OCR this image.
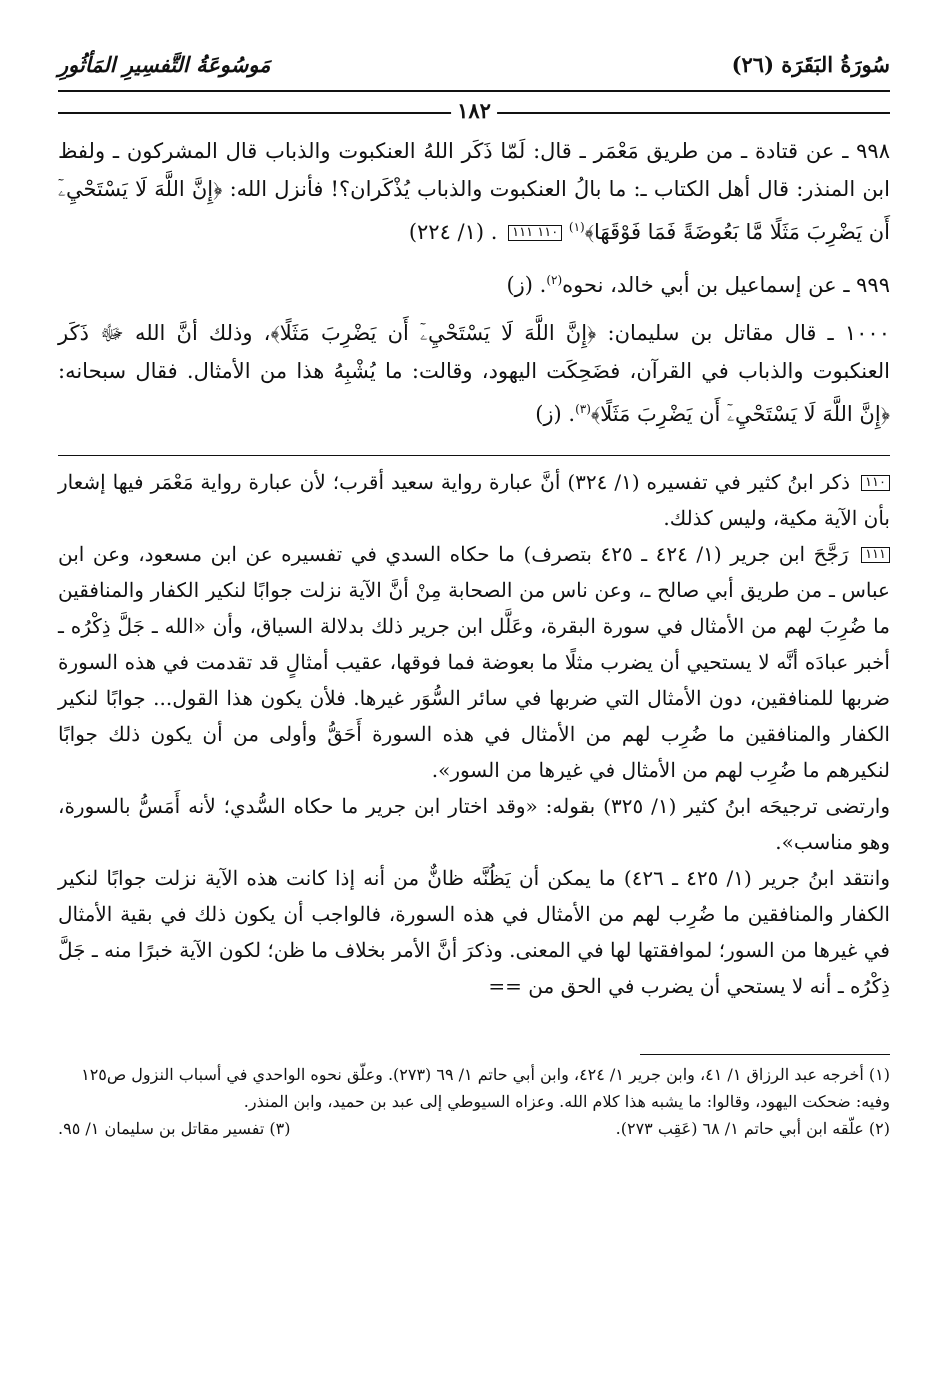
سُورَةُ البَقَرَة (٢٦)
مَوسُوعَةُ التَّفسِيرِ المَأثُورِ
١٨٢

٩٩٨ ـ عن قتادة ـ من طريق مَعْمَر ـ قال: لَمّا ذَكَر اللهُ العنكبوت والذباب قال المشركون ـ ولفظ ابن المنذر: قال أهل الكتاب ـ: ما بالُ العنكبوت والذباب يُذْكَران؟! فأنزل الله: ﴿إِنَّ اللَّهَ لَا يَسْتَحْيِۦٓ أَن يَضْرِبَ مَثَلًا مَّا بَعُوضَةً فَمَا فَوْقَهَا﴾$^{(١)}$ ١١٠ ١١١ . (١/ ٢٢٤)

٩٩٩ ـ عن إسماعيل بن أبي خالد، نحوه$^{(٢)}$. (ز)

١٠٠٠ ـ قال مقاتل بن سليمان: ﴿إِنَّ اللَّهَ لَا يَسْتَحْيِۦٓ أَن يَضْرِبَ مَثَلًا﴾، وذلك أنَّ الله ﷻ ذَكَر العنكبوت والذباب في القرآن، فضَحِكَت اليهود، وقالت: ما يُشْبِهُ هذا من الأمثال. فقال سبحانه: ﴿إِنَّ اللَّهَ لَا يَسْتَحْيِۦٓ أَن يَضْرِبَ مَثَلًا﴾$^{(٣)}$. (ز)

١١٠ ذكر ابنُ كثير في تفسيره (١/ ٣٢٤) أنَّ عبارة رواية سعيد أقرب؛ لأن عبارة رواية مَعْمَر فيها إشعار بأن الآية مكية، وليس كذلك.

١١١ رَجَّحَ ابن جرير (١/ ٤٢٤ ـ ٤٢٥ بتصرف) ما حكاه السدي في تفسيره عن ابن مسعود، وعن ابن عباس ـ من طريق أبي صالح ـ، وعن ناس من الصحابة مِنْ أنَّ الآية نزلت جوابًا لنكير الكفار والمنافقين ما ضُرِبَ لهم من الأمثال في سورة البقرة، وعَلَّل ابن جرير ذلك بدلالة السياق، وأن «الله ـ جَلَّ ذِكْرُه ـ أخبر عبادَه أنَّه لا يستحيي أن يضرب مثلًا ما بعوضة فما فوقها، عقيب أمثالٍ قد تقدمت في هذه السورة ضربها للمنافقين، دون الأمثال التي ضربها في سائر السُّوَر غيرها. فلأن يكون هذا القول... جوابًا لنكير الكفار والمنافقين ما ضُرِب لهم من الأمثال في هذه السورة أَحَقُّ وأولى من أن يكون ذلك جوابًا لنكيرهم ما ضُرِب لهم من الأمثال في غيرها من السور».

وارتضى ترجيحَه ابنُ كثير (١/ ٣٢٥) بقوله: «وقد اختار ابن جرير ما حكاه السُّدي؛ لأنه أَمَسُّ بالسورة، وهو مناسب».

وانتقد ابنُ جرير (١/ ٤٢٥ ـ ٤٢٦) ما يمكن أن يَظُنَّه ظانٌّ من أنه إذا كانت هذه الآية نزلت جوابًا لنكير الكفار والمنافقين ما ضُرِب لهم من الأمثال في هذه السورة، فالواجب أن يكون ذلك في بقية الأمثال في غيرها من السور؛ لموافقتها لها في المعنى. وذكرَ أنَّ الأمر بخلاف ما ظن؛ لكون الآية خبرًا منه ـ جَلَّ ذِكْرُه ـ أنه لا يستحي أن يضرب في الحق من ==

(١) أخرجه عبد الرزاق ١/ ٤١، وابن جرير ١/ ٤٢٤، وابن أبي حاتم ١/ ٦٩ (٢٧٣). وعلّق نحوه الواحدي في أسباب النزول ص١٢٥ وفيه: ضحكت اليهود، وقالوا: ما يشبه هذا كلام الله. وعزاه السيوطي إلى عبد بن حميد، وابن المنذر.

(٢) علّقه ابن أبي حاتم ١/ ٦٨ (عَقِب ٢٧٣).
(٣) تفسير مقاتل بن سليمان ١/ ٩٥.
